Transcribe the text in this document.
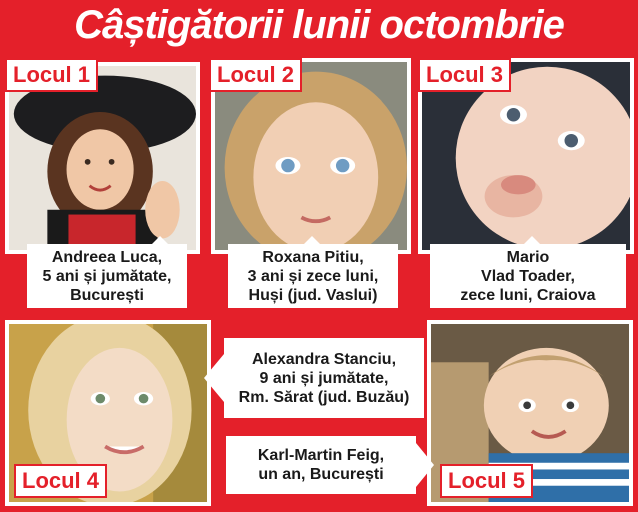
Câștigătorii lunii octombrie
Locul 1	Locul 2	Locul 3
Andreea Luca,
5 ani și jumătate,
București
Roxana Pitiu,
3 ani și zece luni,
Huși (jud. Vaslui)
Mario
Vlad Toader,
zece luni, Craiova
Locul 4	Locul 5
Alexandra Stanciu,
9 ani și jumătate,
Rm. Sărat (jud. Buzău)
Karl-Martin Feig,
un an, București
